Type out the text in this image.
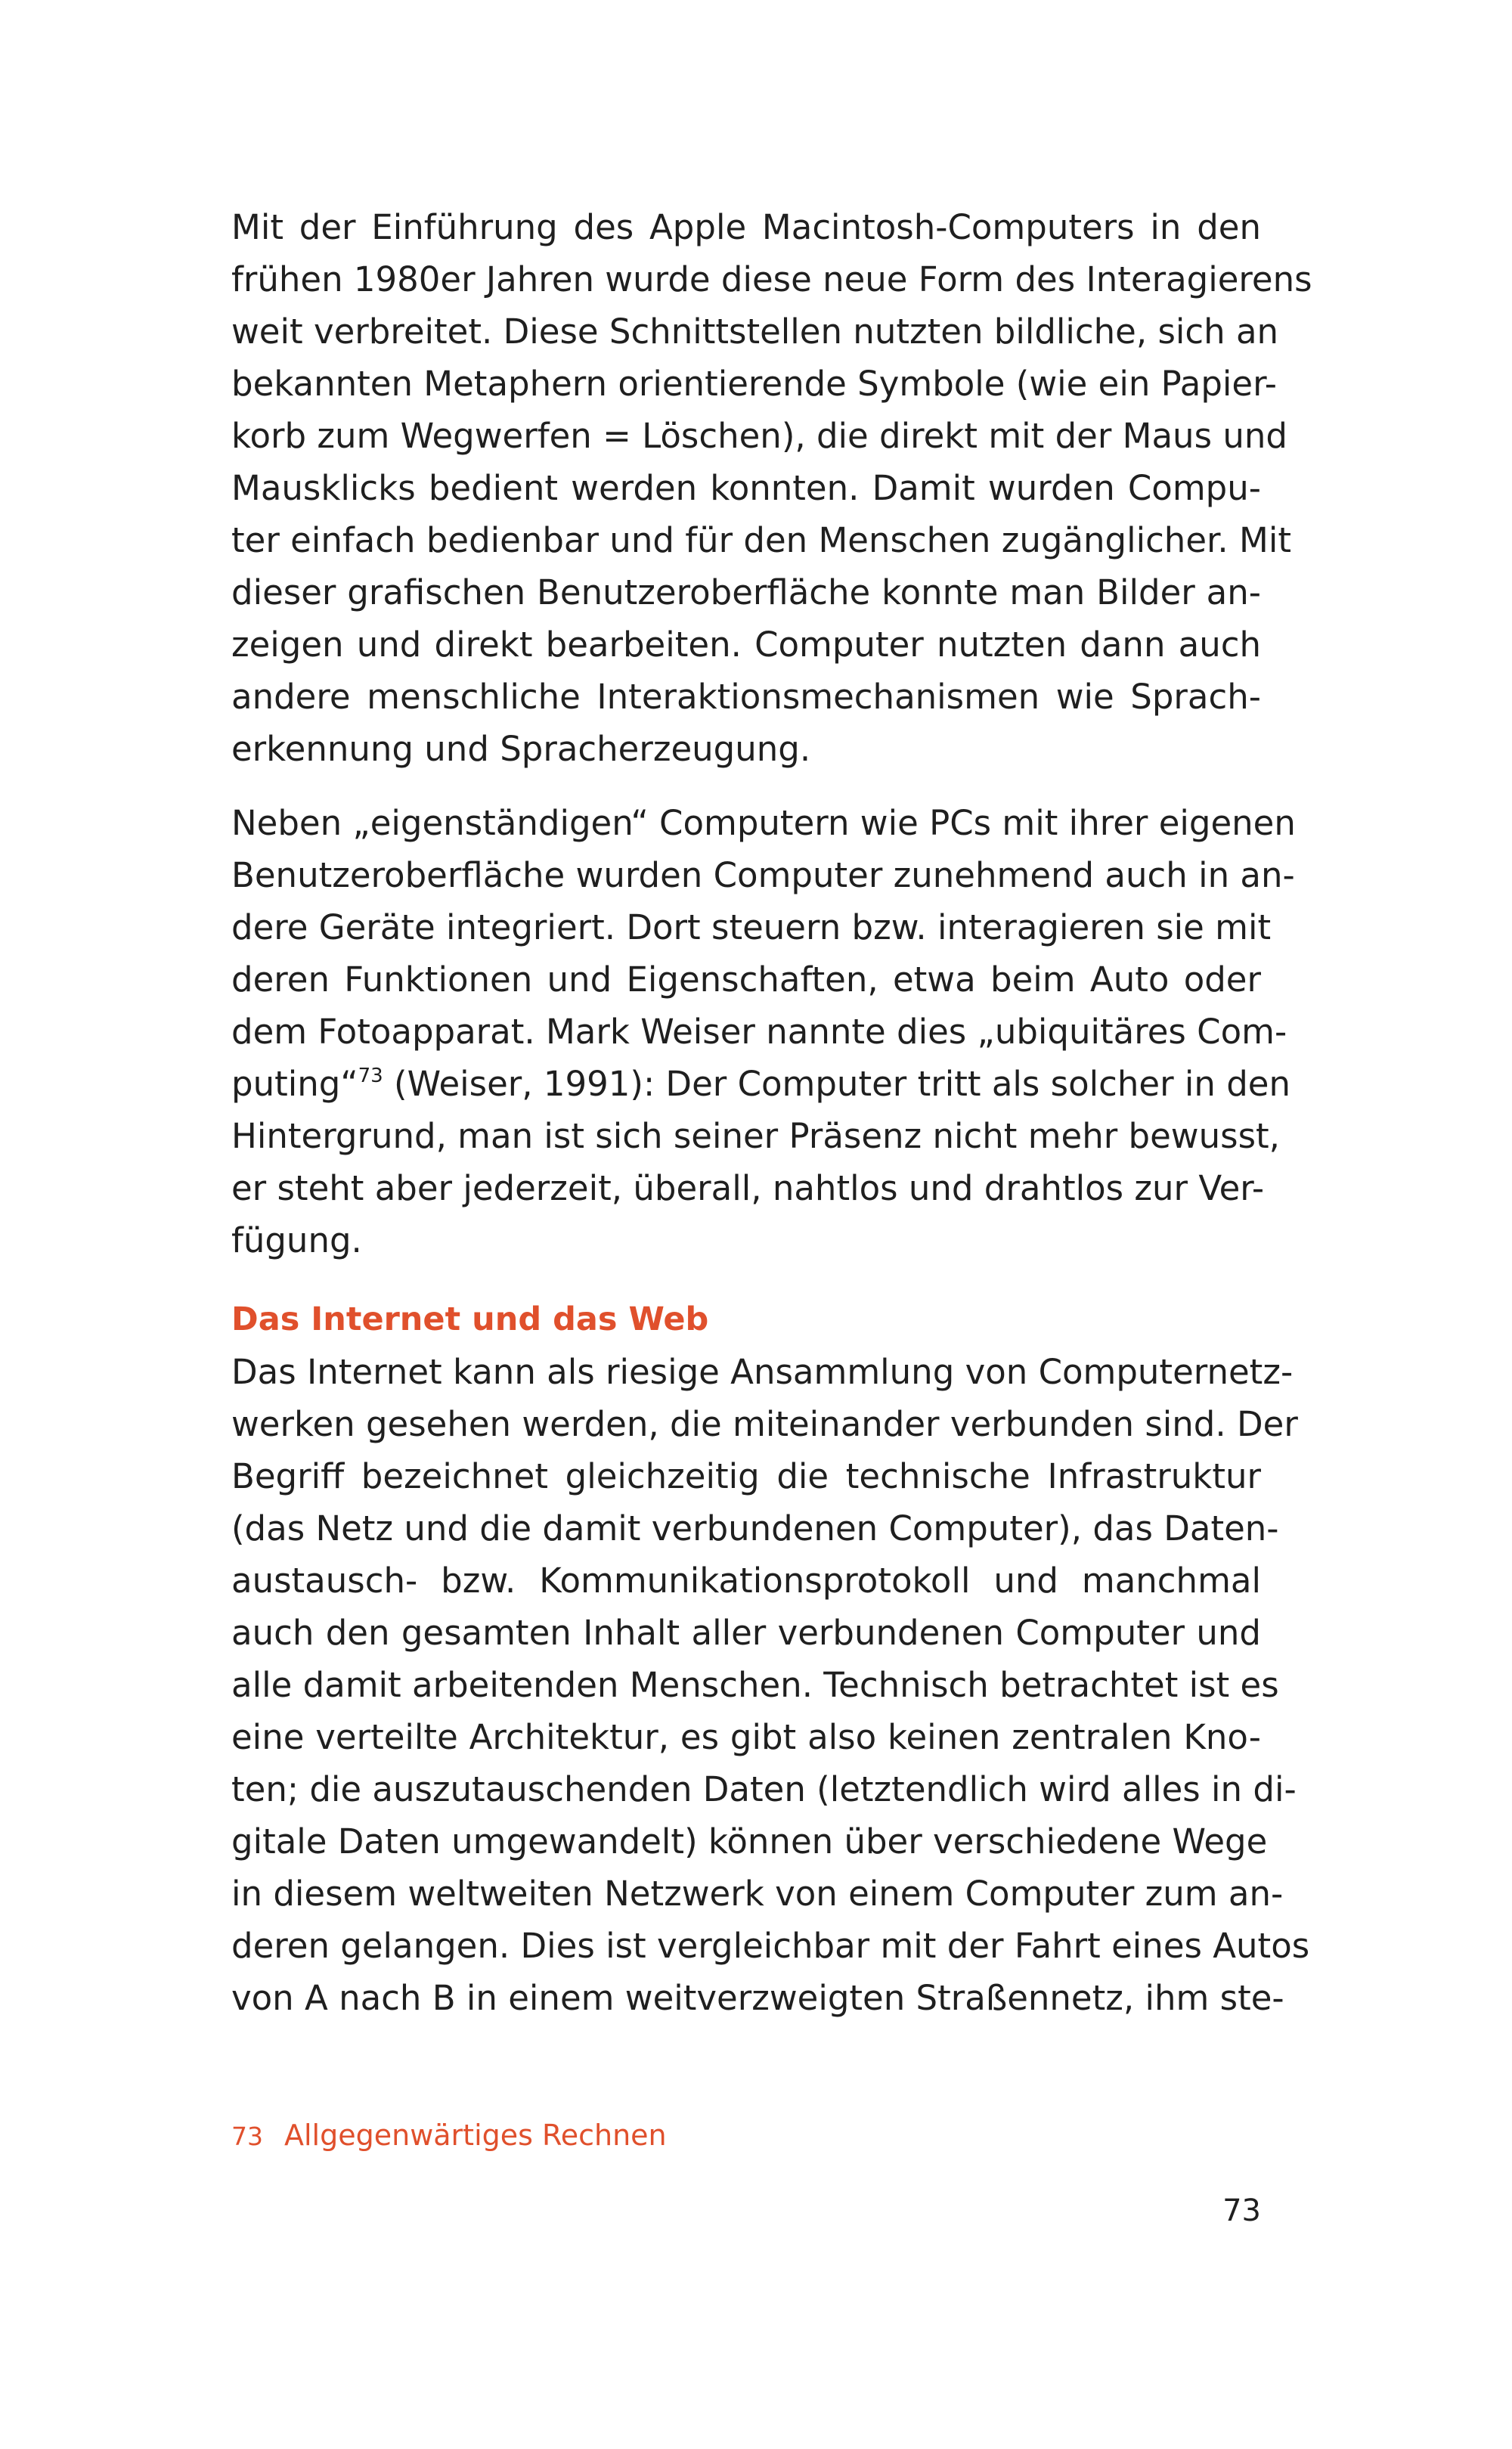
Mit der Einführung des Apple Macintosh-Computers in den
frühen 1980er Jahren wurde diese neue Form des Interagierens
weit verbreitet. Diese Schnittstellen nutzten bildliche, sich an
bekannten Metaphern orientierende Symbole (wie ein Papier-
korb zum Wegwerfen = Löschen), die direkt mit der Maus und
Mausklicks bedient werden konnten. Damit wurden Compu-
ter einfach bedienbar und für den Menschen zugänglicher. Mit
dieser grafischen Benutzeroberfläche konnte man Bilder an-
zeigen und direkt bearbeiten. Computer nutzten dann auch
andere menschliche Interaktionsmechanismen wie Sprach-
erkennung und Spracherzeugung.
Neben „eigenständigen“ Computern wie PCs mit ihrer eigenen
Benutzeroberfläche wurden Computer zunehmend auch in an-
dere Geräte integriert. Dort steuern bzw. interagieren sie mit
deren Funktionen und Eigenschaften, etwa beim Auto oder
dem Fotoapparat. Mark Weiser nannte dies „ubiquitäres Com-
puting“$^{73}$ (Weiser, 1991): Der Computer tritt als solcher in den
Hintergrund, man ist sich seiner Präsenz nicht mehr bewusst,
er steht aber jederzeit, überall, nahtlos und drahtlos zur Ver-
fügung.
Das Internet und das Web
Das Internet kann als riesige Ansammlung von Computernetz-
werken gesehen werden, die miteinander verbunden sind. Der
Begriff bezeichnet gleichzeitig die technische Infrastruktur
(das Netz und die damit verbundenen Computer), das Daten-
austausch- bzw. Kommunikationsprotokoll und manchmal
auch den gesamten Inhalt aller verbundenen Computer und
alle damit arbeitenden Menschen. Technisch betrachtet ist es
eine verteilte Architektur, es gibt also keinen zentralen Kno-
ten; die auszutauschenden Daten (letztendlich wird alles in di-
gitale Daten umgewandelt) können über verschiedene Wege
in diesem weltweiten Netzwerk von einem Computer zum an-
deren gelangen. Dies ist vergleichbar mit der Fahrt eines Autos
von A nach B in einem weitverzweigten Straßennetz, ihm ste-
73 Allgegenwärtiges Rechnen
73
